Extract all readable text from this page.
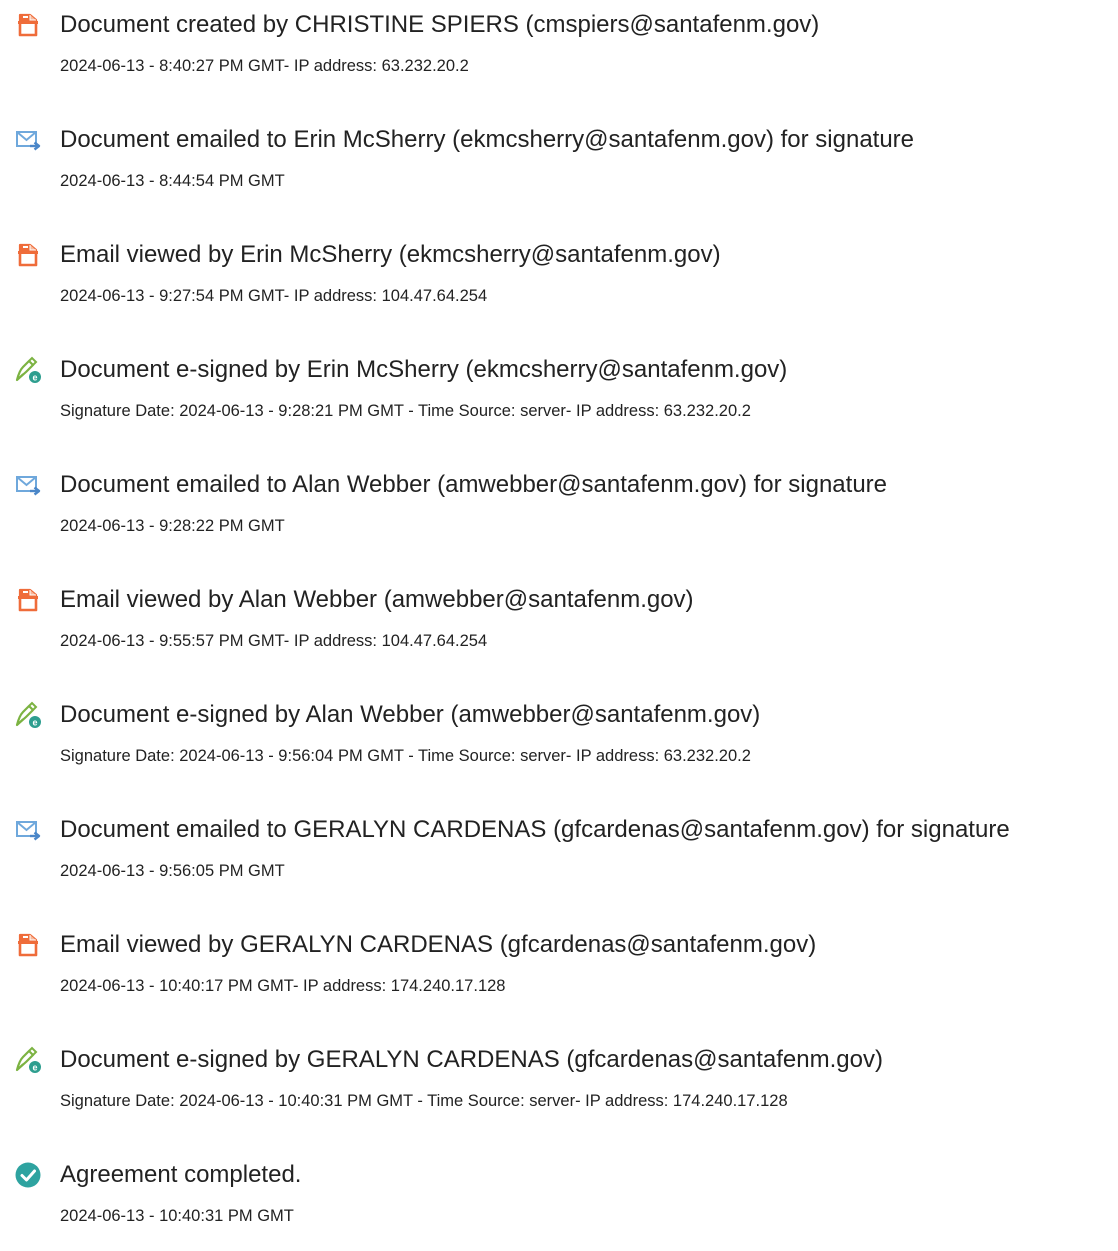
Document created by CHRISTINE SPIERS (cmspiers@santafenm.gov)
2024-06-13 - 8:40:27 PM GMT- IP address: 63.232.20.2
Document emailed to Erin McSherry (ekmcsherry@santafenm.gov) for signature
2024-06-13 - 8:44:54 PM GMT
Email viewed by Erin McSherry (ekmcsherry@santafenm.gov)
2024-06-13 - 9:27:54 PM GMT- IP address: 104.47.64.254
e Document e-signed by Erin McSherry (ekmcsherry@santafenm.gov)
Signature Date: 2024-06-13 - 9:28:21 PM GMT - Time Source: server- IP address: 63.232.20.2
Document emailed to Alan Webber (amwebber@santafenm.gov) for signature
2024-06-13 - 9:28:22 PM GMT
Email viewed by Alan Webber (amwebber@santafenm.gov)
2024-06-13 - 9:55:57 PM GMT- IP address: 104.47.64.254
e Document e-signed by Alan Webber (amwebber@santafenm.gov)
Signature Date: 2024-06-13 - 9:56:04 PM GMT - Time Source: server- IP address: 63.232.20.2
Document emailed to GERALYN CARDENAS (gfcardenas@santafenm.gov) for signature
2024-06-13 - 9:56:05 PM GMT
Email viewed by GERALYN CARDENAS (gfcardenas@santafenm.gov)
2024-06-13 - 10:40:17 PM GMT- IP address: 174.240.17.128
e Document e-signed by GERALYN CARDENAS (gfcardenas@santafenm.gov)
Signature Date: 2024-06-13 - 10:40:31 PM GMT - Time Source: server- IP address: 174.240.17.128
Agreement completed.
2024-06-13 - 10:40:31 PM GMT
